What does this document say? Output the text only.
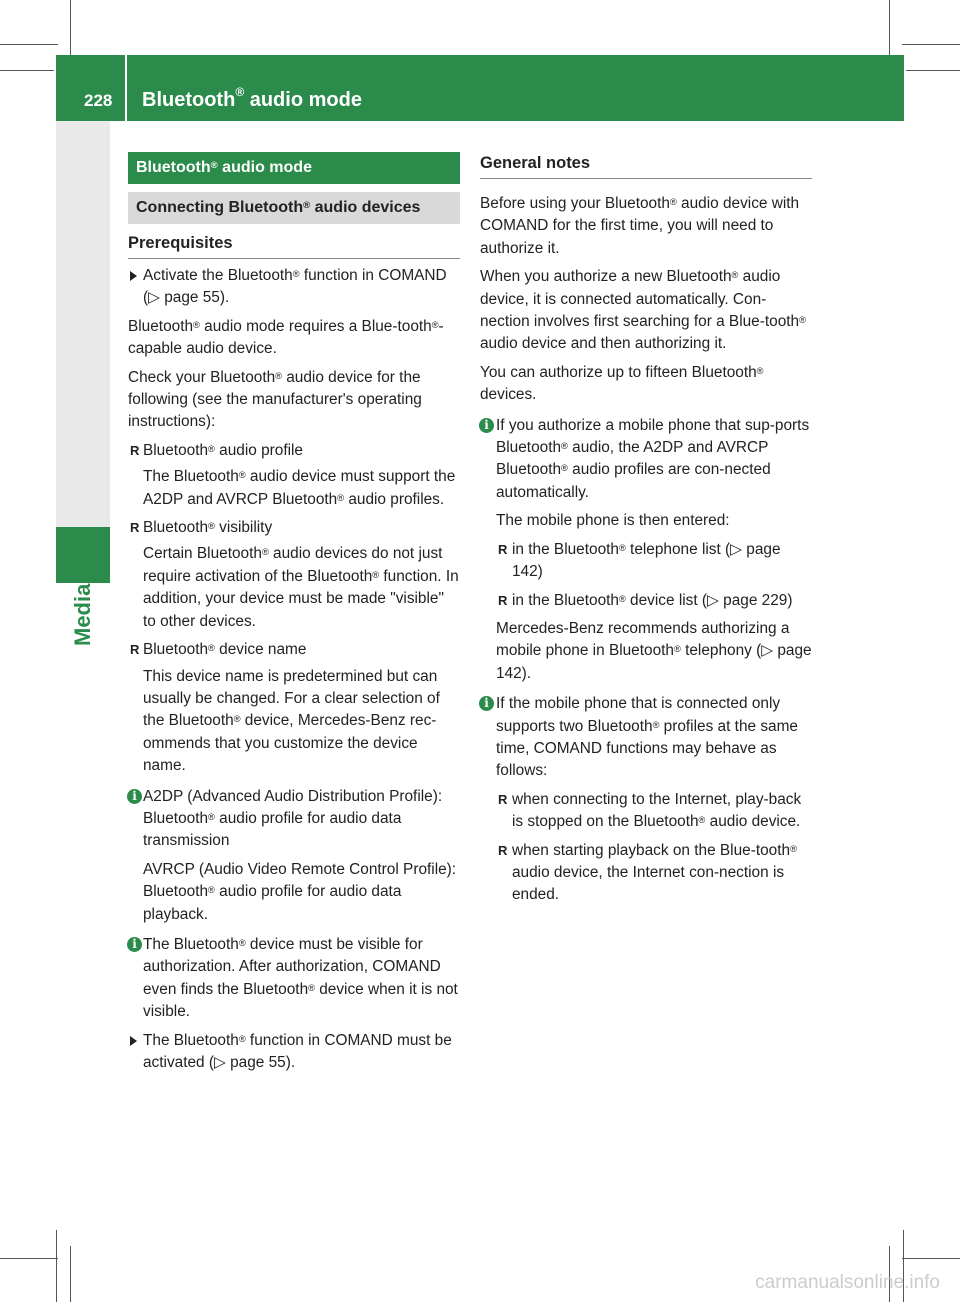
228 Bluetooth® audio mode
Media
Bluetooth® audio mode
Connecting Bluetooth® audio devices
Prerequisites
Activate the Bluetooth® function in COMAND (▷ page 55).
Bluetooth® audio mode requires a Blue-tooth®-capable audio device.
Check your Bluetooth® audio device for the following (see the manufacturer's operating instructions):
R Bluetooth® audio profile
The Bluetooth® audio device must support the A2DP and AVRCP Bluetooth® audio profiles.
R Bluetooth® visibility
Certain Bluetooth® audio devices do not just require activation of the Bluetooth® function. In addition, your device must be made "visible" to other devices.
R Bluetooth® device name
This device name is predetermined but can usually be changed. For a clear selection of the Bluetooth® device, Mercedes-Benz rec-ommends that you customize the device name.
i A2DP (Advanced Audio Distribution Profile): Bluetooth® audio profile for audio data transmission
AVRCP (Audio Video Remote Control Profile): Bluetooth® audio profile for audio data playback.
i The Bluetooth® device must be visible for authorization. After authorization, COMAND even finds the Bluetooth® device when it is not visible.
The Bluetooth® function in COMAND must be activated (▷ page 55).
General notes
Before using your Bluetooth® audio device with COMAND for the first time, you will need to authorize it.
When you authorize a new Bluetooth® audio device, it is connected automatically. Con-nection involves first searching for a Blue-tooth® audio device and then authorizing it.
You can authorize up to fifteen Bluetooth® devices.
i If you authorize a mobile phone that sup-ports Bluetooth® audio, the A2DP and AVRCP Bluetooth® audio profiles are con-nected automatically.
The mobile phone is then entered:
R in the Bluetooth® telephone list (▷ page 142)
R in the Bluetooth® device list (▷ page 229)
Mercedes-Benz recommends authorizing a mobile phone in Bluetooth® telephony (▷ page 142).
i If the mobile phone that is connected only supports two Bluetooth® profiles at the same time, COMAND functions may behave as follows:
R when connecting to the Internet, play-back is stopped on the Bluetooth® audio device.
R when starting playback on the Blue-tooth® audio device, the Internet con-nection is ended.
carmanualsonline.info
